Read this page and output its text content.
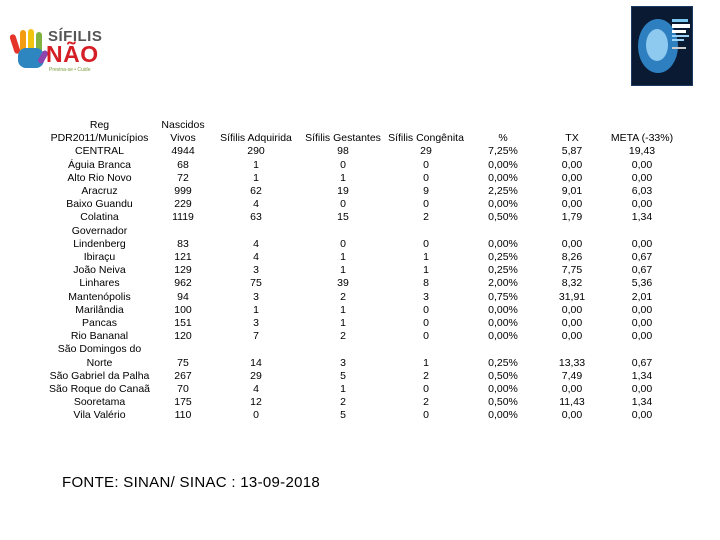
SÍFILIS
NÃO
Previna-se • Cuide
Reg PDR2011/Municípios	Nascidos Vivos	Sífilis Adquirida	Sífilis Gestantes	Sífilis Congênita	%	TX	META (-33%)
CENTRAL	4944	290	98	29	7,25%	5,87	19,43
Águia Branca	68	1	0	0	0,00%	0,00	0,00
Alto Rio Novo	72	1	1	0	0,00%	0,00	0,00
Aracruz	999	62	19	9	2,25%	9,01	6,03
Baixo Guandu	229	4	0	0	0,00%	0,00	0,00
Colatina	1119	63	15	2	0,50%	1,79	1,34
Governador Lindenberg	83	4	0	0	0,00%	0,00	0,00
Ibiraçu	121	4	1	1	0,25%	8,26	0,67
João Neiva	129	3	1	1	0,25%	7,75	0,67
Linhares	962	75	39	8	2,00%	8,32	5,36
Mantenópolis	94	3	2	3	0,75%	31,91	2,01
Marilândia	100	1	1	0	0,00%	0,00	0,00
Pancas	151	3	1	0	0,00%	0,00	0,00
Rio Bananal	120	7	2	0	0,00%	0,00	0,00
São Domingos do Norte	75	14	3	1	0,25%	13,33	0,67
São Gabriel da Palha	267	29	5	2	0,50%	7,49	1,34
São Roque do Canaã	70	4	1	0	0,00%	0,00	0,00
Sooretama	175	12	2	2	0,50%	11,43	1,34
Vila Valério	110	0	5	0	0,00%	0,00	0,00
FONTE: SINAN/ SINAC : 13-09-2018
